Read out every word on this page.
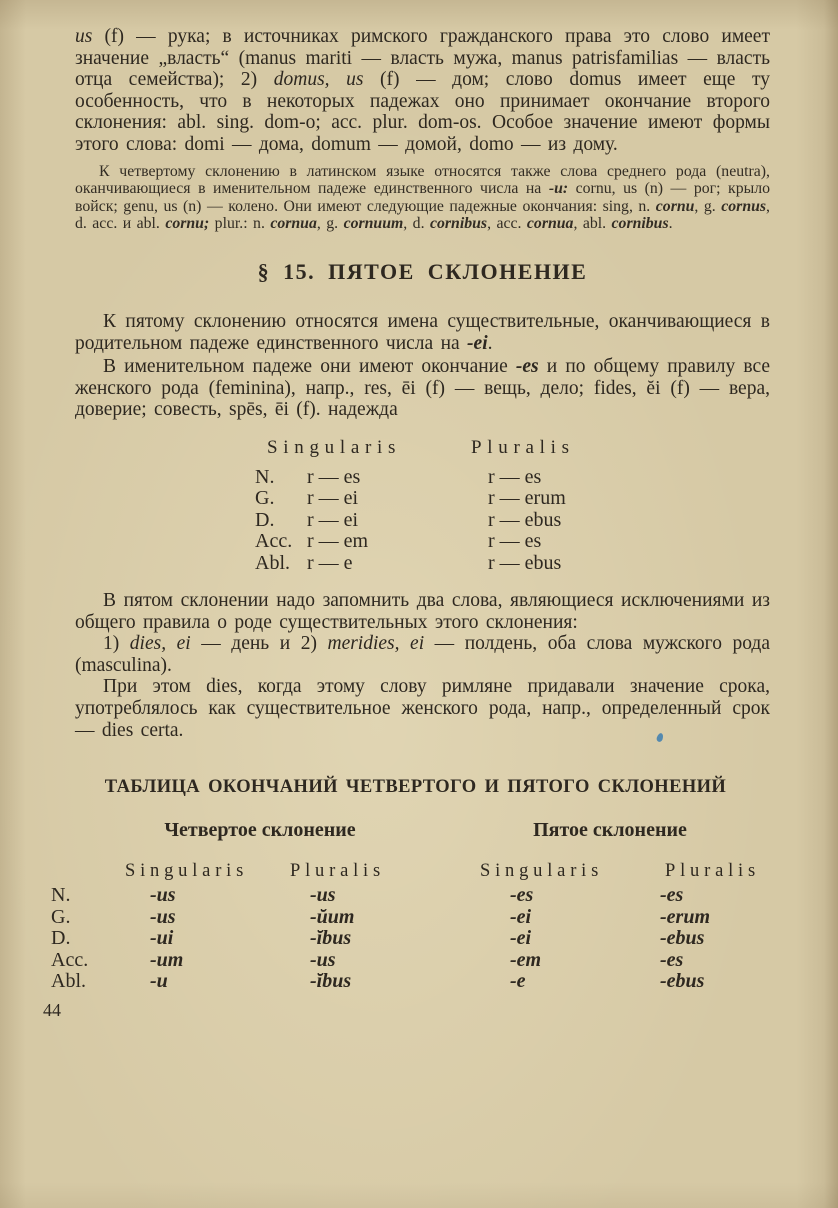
us (f) — рука; в источниках римского гражданского права это слово имеет значение „власть“ (manus mariti — власть мужа, manus patrisfamilias — власть отца семейства); 2) domus, us (f) — дом; слово domus имеет еще ту особенность, что в некоторых падежах оно принимает окончание второго склонения: abl. sing. dom-o; acc. plur. dom-os. Особое значение имеют формы этого слова: domi — дома, domum — домой, domo — из дому.

К четвертому склонению в латинском языке относятся также слова среднего рода (neutra), оканчивающиеся в именительном падеже единственного числа на -u: cornu, us (n) — рог; крыло войск; genu, us (n) — колено. Они имеют следующие падежные окончания: sing, n. cornu, g. cornus, d. acc. и abl. cornu; plur.: n. cornua, g. cornuum, d. cornibus, acc. cornua, abl. cornibus.

§ 15. ПЯТОЕ СКЛОНЕНИЕ

К пятому склонению относятся имена существительные, оканчивающиеся в родительном падеже единственного числа на -ei.

В именительном падеже они имеют окончание -es и по общему правилу все женского рода (feminina), напр., res, ēi (f) — вещь, дело; fides, ĕi (f) — вера, доверие; совесть, spēs, ēi (f). надежда

Singularis	Pluralis
N.	r — es	r — es
G.	r — ei	r — erum
D.	r — ei	r — ebus
Acc. r — em	r — es
Abl. r — e	r — ebus

В пятом склонении надо запомнить два слова, являющиеся исключениями из общего правила о роде существительных этого склонения:

1) dies, ei — день и 2) meridies, ei — полдень, оба слова мужского рода (masculina).

При этом dies, когда этому слову римляне придавали значение срока, употреблялось как существительное женского рода, напр., определенный срок — dies certa.

ТАБЛИЦА ОКОНЧАНИЙ ЧЕТВЕРТОГО И ПЯТОГО СКЛОНЕНИЙ
Четвертое склонение	Пятое склонение
Singularis	Pluralis	Singularis	Pluralis
N.	-us	-us	-es	-es
G.	-us	-ŭum	-ei	-erum
D.	-ui	-ĭbus	-ei	-ebus
Acc.	-um	-us	-em	-es
Abl.	-u	-ĭbus	-e	-ebus
44
